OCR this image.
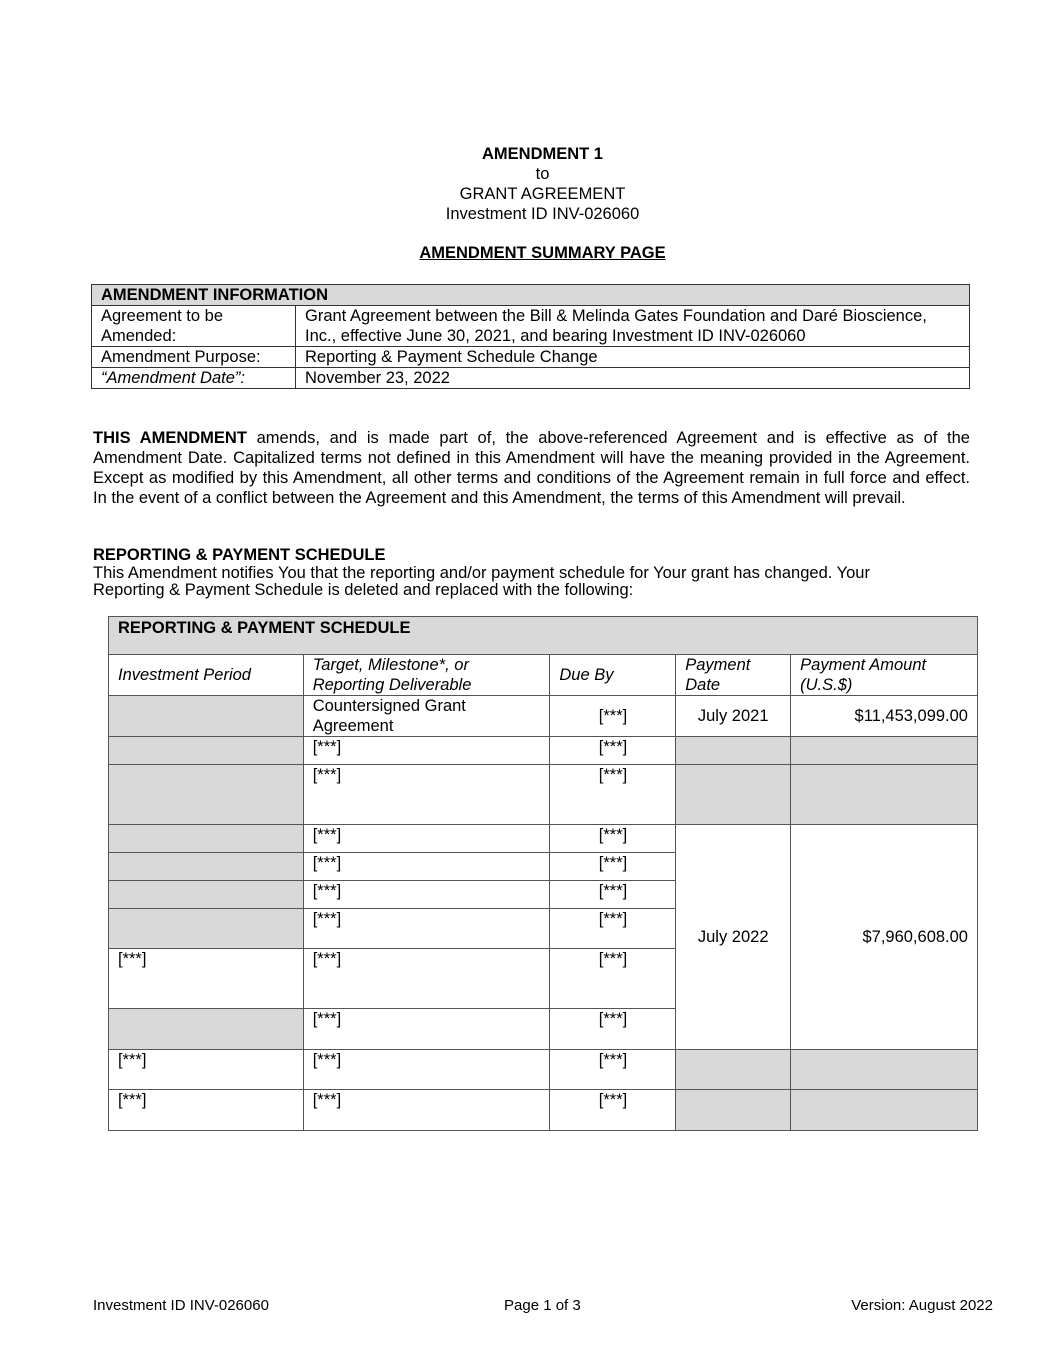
AMENDMENT 1
to
GRANT AGREEMENT
Investment ID INV-026060
AMENDMENT SUMMARY PAGE
AMENDMENT INFORMATION	
Agreement to be Amended:	Grant Agreement between the Bill & Melinda Gates Foundation and Daré Bioscience, Inc., effective June 30, 2021, and bearing Investment ID INV-026060
Amendment Purpose:	Reporting & Payment Schedule Change
“Amendment Date”:	November 23, 2022
THIS AMENDMENT amends, and is made part of, the above-referenced Agreement and is effective as of the Amendment Date. Capitalized terms not defined in this Amendment will have the meaning provided in the Agreement. Except as modified by this Amendment, all other terms and conditions of the Agreement remain in full force and effect. In the event of a conflict between the Agreement and this Amendment, the terms of this Amendment will prevail.
REPORTING & PAYMENT SCHEDULE
This Amendment notifies You that the reporting and/or payment schedule for Your grant has changed. Your
Reporting & Payment Schedule is deleted and replaced with the following:
REPORTING & PAYMENT SCHEDULE				
Investment Period	Target, Milestone*, or Reporting Deliverable	Due By	Payment Date	Payment Amount (U.S.$)
	Countersigned Grant Agreement	[***]	July 2021	$11,453,099.00
	[***]	[***]		
	[***]	[***]		
	[***]	[***]	July 2022	$7,960,608.00
	[***]	[***]		
	[***]	[***]		
	[***]	[***]		
[***]	[***]	[***]		
	[***]	[***]		
[***]	[***]	[***]		
[***]	[***]	[***]		
Investment ID INV-026060	Page 1 of 3	Version: August 2022
